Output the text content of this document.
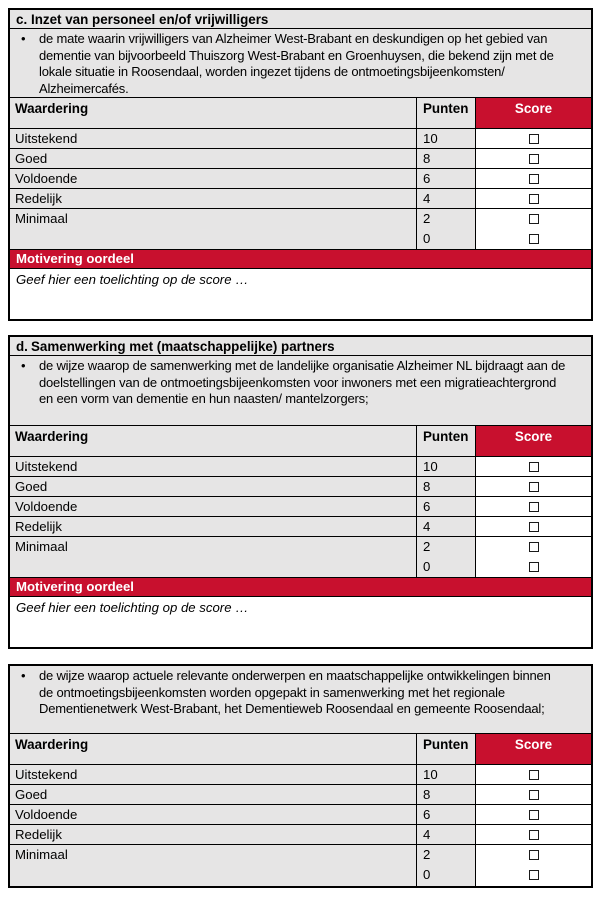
c. Inzet van personeel en/of vrijwilligers
•	de mate waarin vrijwilligers van Alzheimer West-Brabant en deskundigen op het gebied van
dementie van bijvoorbeeld Thuiszorg West-Brabant en Groenhuysen, die bekend zijn met de
lokale situatie in Roosendaal, worden ingezet tijdens de ontmoetingsbijeenkomsten/
Alzheimercafés.
Waardering	Punten	Score
Uitstekend	10
Goed	8
Voldoende	6
Redelijk	4
Minimaal	2
0
Motivering oordeel
Geef hier een toelichting op de score …
d. Samenwerking met (maatschappelijke) partners
•	de wijze waarop de samenwerking met de landelijke organisatie Alzheimer NL bijdraagt aan de
doelstellingen van de ontmoetingsbijeenkomsten voor inwoners met een migratieachtergrond
en een vorm van dementie en hun naasten/ mantelzorgers;
Waardering	Punten	Score
Uitstekend	10
Goed	8
Voldoende	6
Redelijk	4
Minimaal	2
0
Motivering oordeel
Geef hier een toelichting op de score …
•	de wijze waarop actuele relevante onderwerpen en maatschappelijke ontwikkelingen binnen
de ontmoetingsbijeenkomsten worden opgepakt in samenwerking met het regionale
Dementienetwerk West-Brabant, het Dementieweb Roosendaal en gemeente Roosendaal;
Waardering	Punten	Score
Uitstekend	10
Goed	8
Voldoende	6
Redelijk	4
Minimaal	2
0
